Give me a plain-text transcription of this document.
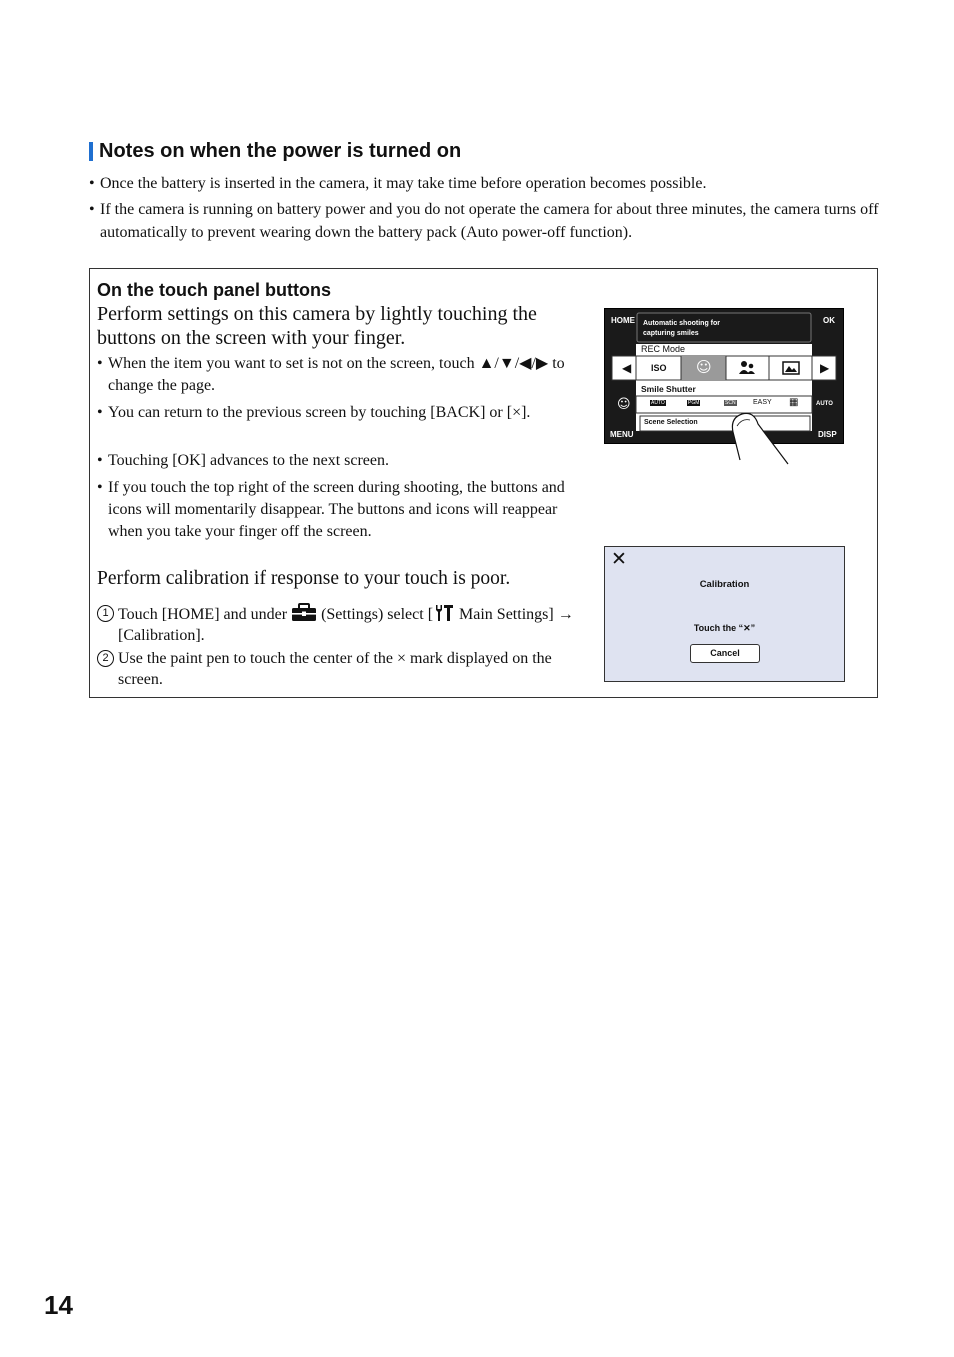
Notes on when the power is turned on
• Once the battery is inserted in the camera, it may take time before operation becomes possible.
• If the camera is running on battery power and you do not operate the camera for about three minutes, the camera turns off automatically to prevent wearing down the battery pack (Auto power-off function).
On the touch panel buttons
Perform settings on this camera by lightly touching the buttons on the screen with your finger.
• When the item you want to set is not on the screen, touch ▲/▼/◀/▶ to change the page.
• You can return to the previous screen by touching [BACK] or [×].
• Touching [OK] advances to the next screen.
• If you touch the top right of the screen during shooting, the buttons and icons will momentarily disappear. The buttons and icons will reappear when you take your finger off the screen.
Perform calibration if response to your touch is poor.
1 Touch [HOME] and under (Settings) select [ Main Settings] → [Calibration].
2 Use the paint pen to touch the center of the × mark displayed on the screen.
HOME	OK
MENU	DISP
Automatic shooting for
capturing smiles
REC Mode
◀	▶
ISO ☺
Smile Shutter
AUTO	PGM	SCN EASY ▦
☺	AUTO
Scene Selection
✕
Calibration
Touch the “✕”
Cancel
14
